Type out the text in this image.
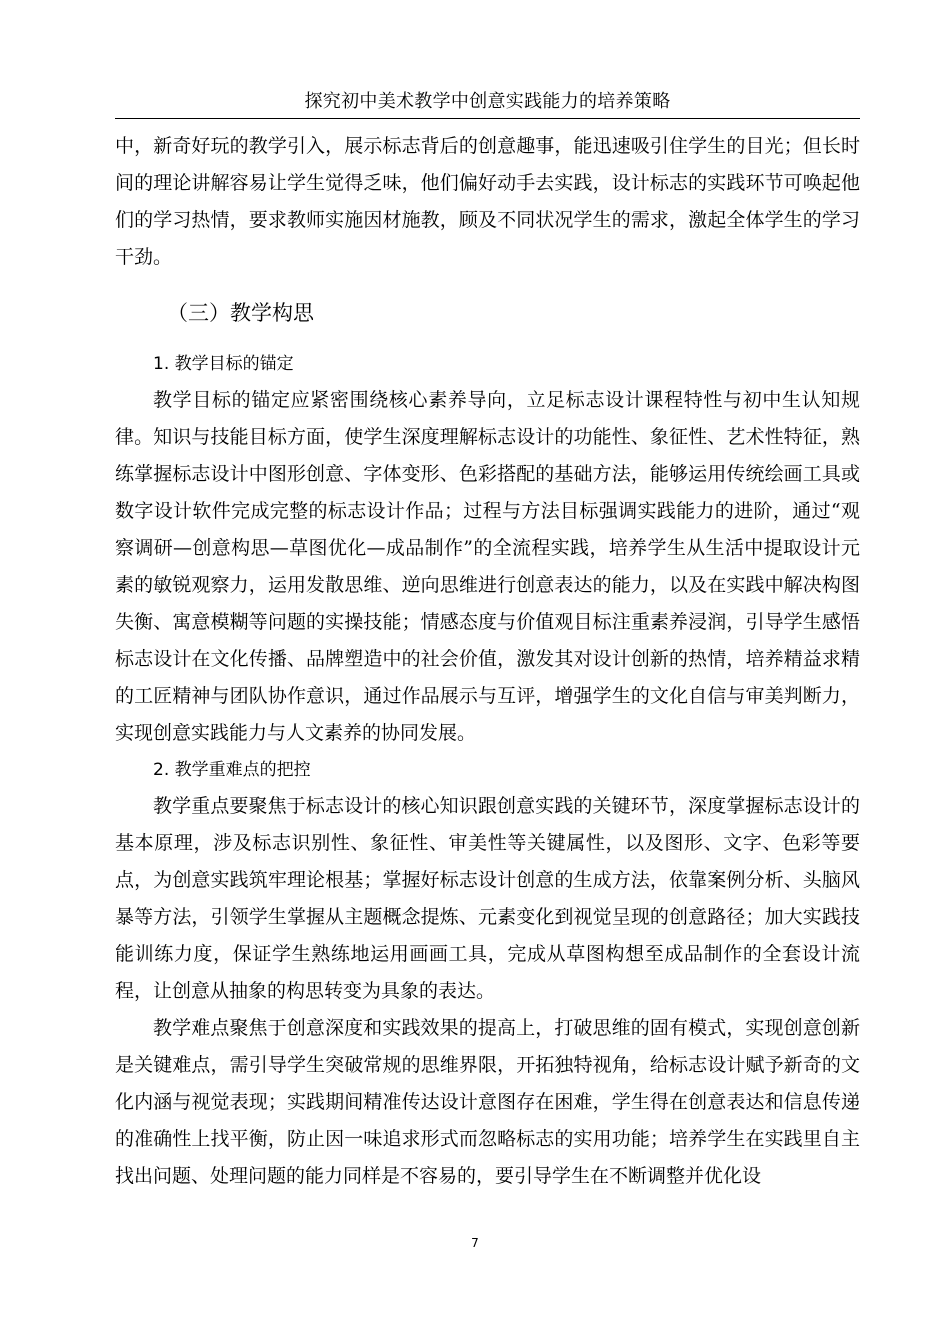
探究初中美术教学中创意实践能力的培养策略

中，新奇好玩的教学引入，展示标志背后的创意趣事，能迅速吸引住学生的目光；但长时间的理论讲解容易让学生觉得乏味，他们偏好动手去实践，设计标志的实践环节可唤起他们的学习热情，要求教师实施因材施教，顾及不同状况学生的需求，激起全体学生的学习干劲。

（三）教学构思
1. 教学目标的锚定

教学目标的锚定应紧密围绕核心素养导向，立足标志设计课程特性与初中生认知规律。知识与技能目标方面，使学生深度理解标志设计的功能性、象征性、艺术性特征，熟练掌握标志设计中图形创意、字体变形、色彩搭配的基础方法，能够运用传统绘画工具或数字设计软件完成完整的标志设计作品；过程与方法目标强调实践能力的进阶，通过“观察调研—创意构思—草图优化—成品制作”的全流程实践，培养学生从生活中提取设计元素的敏锐观察力，运用发散思维、逆向思维进行创意表达的能力，以及在实践中解决构图失衡、寓意模糊等问题的实操技能；情感态度与价值观目标注重素养浸润，引导学生感悟标志设计在文化传播、品牌塑造中的社会价值，激发其对设计创新的热情，培养精益求精的工匠精神与团队协作意识，通过作品展示与互评，增强学生的文化自信与审美判断力，实现创意实践能力与人文素养的协同发展。

2. 教学重难点的把控

教学重点要聚焦于标志设计的核心知识跟创意实践的关键环节，深度掌握标志设计的基本原理，涉及标志识别性、象征性、审美性等关键属性，以及图形、文字、色彩等要点，为创意实践筑牢理论根基；掌握好标志设计创意的生成方法，依靠案例分析、头脑风暴等方法，引领学生掌握从主题概念提炼、元素变化到视觉呈现的创意路径；加大实践技能训练力度，保证学生熟练地运用画画工具，完成从草图构想至成品制作的全套设计流程，让创意从抽象的构思转变为具象的表达。

教学难点聚焦于创意深度和实践效果的提高上，打破思维的固有模式，实现创意创新是关键难点，需引导学生突破常规的思维界限，开拓独特视角，给标志设计赋予新奇的文化内涵与视觉表现；实践期间精准传达设计意图存在困难，学生得在创意表达和信息传递的准确性上找平衡，防止因一味追求形式而忽略标志的实用功能；培养学生在实践里自主找出问题、处理问题的能力同样是不容易的，要引导学生在不断调整并优化设

7
